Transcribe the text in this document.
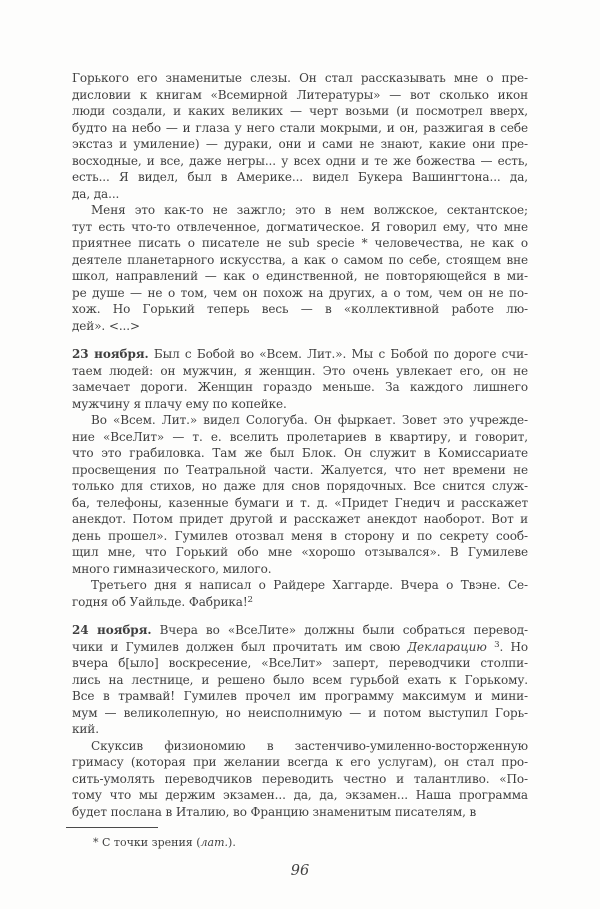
Горького его знаменитые слезы. Он стал рассказывать мне о пре-
дисловии к книгам «Всемирной Литературы» — вот сколько икон
люди создали, и каких великих — черт возьми (и посмотрел вверх,
будто на небо — и глаза у него стали мокрыми, и он, разжигая в себе
экстаз и умиление) — дураки, они и сами не знают, какие они пре-
восходные, и все, даже негры... у всех одни и те же божества — есть,
есть... Я видел, был в Америке... видел Букера Вашингтона... да,
да, да...
Меня это как-то не зажгло; это в нем волжское, сектантское;
тут есть что-то отвлеченное, догматическое. Я говорил ему, что мне
приятнее писать о писателе не sub specie * человечества, не как о
деятеле планетарного искусства, а как о самом по себе, стоящем вне
школ, направлений — как о единственной, не повторяющейся в ми-
ре душе — не о том, чем он похож на других, а о том, чем он не по-
хож. Но Горький теперь весь — в «коллективной работе лю-
дей». <...>
23 ноября. Был с Бобой во «Всем. Лит.». Мы с Бобой по дороге счи-
таем людей: он мужчин, я женщин. Это очень увлекает его, он не
замечает дороги. Женщин гораздо меньше. За каждого лишнего
мужчину я плачу ему по копейке.
Во «Всем. Лит.» видел Сологуба. Он фыркает. Зовет это учрежде-
ние «ВсеЛит» — т. е. вселить пролетариев в квартиру, и говорит,
что это грабиловка. Там же был Блок. Он служит в Комиссариате
просвещения по Театральной части. Жалуется, что нет времени не
только для стихов, но даже для снов порядочных. Все снится служ-
ба, телефоны, казенные бумаги и т. д. «Придет Гнедич и расскажет
анекдот. Потом придет другой и расскажет анекдот наоборот. Вот и
день прошел». Гумилев отозвал меня в сторону и по секрету сооб-
щил мне, что Горький обо мне «хорошо отзывался». В Гумилеве
много гимназического, милого.
Третьего дня я написал о Райдере Хаггарде. Вчера о Твэне. Се-
годня об Уайльде. Фабрика!$^2$
24 ноября. Вчера во «ВсеЛите» должны были собраться перевод-
чики и Гумилев должен был прочитать им свою Декларацию $^3$. Но
вчера б[ыло] воскресение, «ВсеЛит» заперт, переводчики столпи-
лись на лестнице, и решено было всем гурьбой ехать к Горькому.
Все в трамвай! Гумилев прочел им программу максимум и мини-
мум — великолепную, но неисполнимую — и потом выступил Горь-
кий.
Скуксив физиономию в застенчиво-умиленно-восторженную
гримасу (которая при желании всегда к его услугам), он стал про-
сить-умолять переводчиков переводить честно и талантливо. «По-
тому что мы держим экзамен... да, да, экзамен... Наша программа
будет послана в Италию, во Францию знаменитым писателям, в
* С точки зрения (лат.).
96
